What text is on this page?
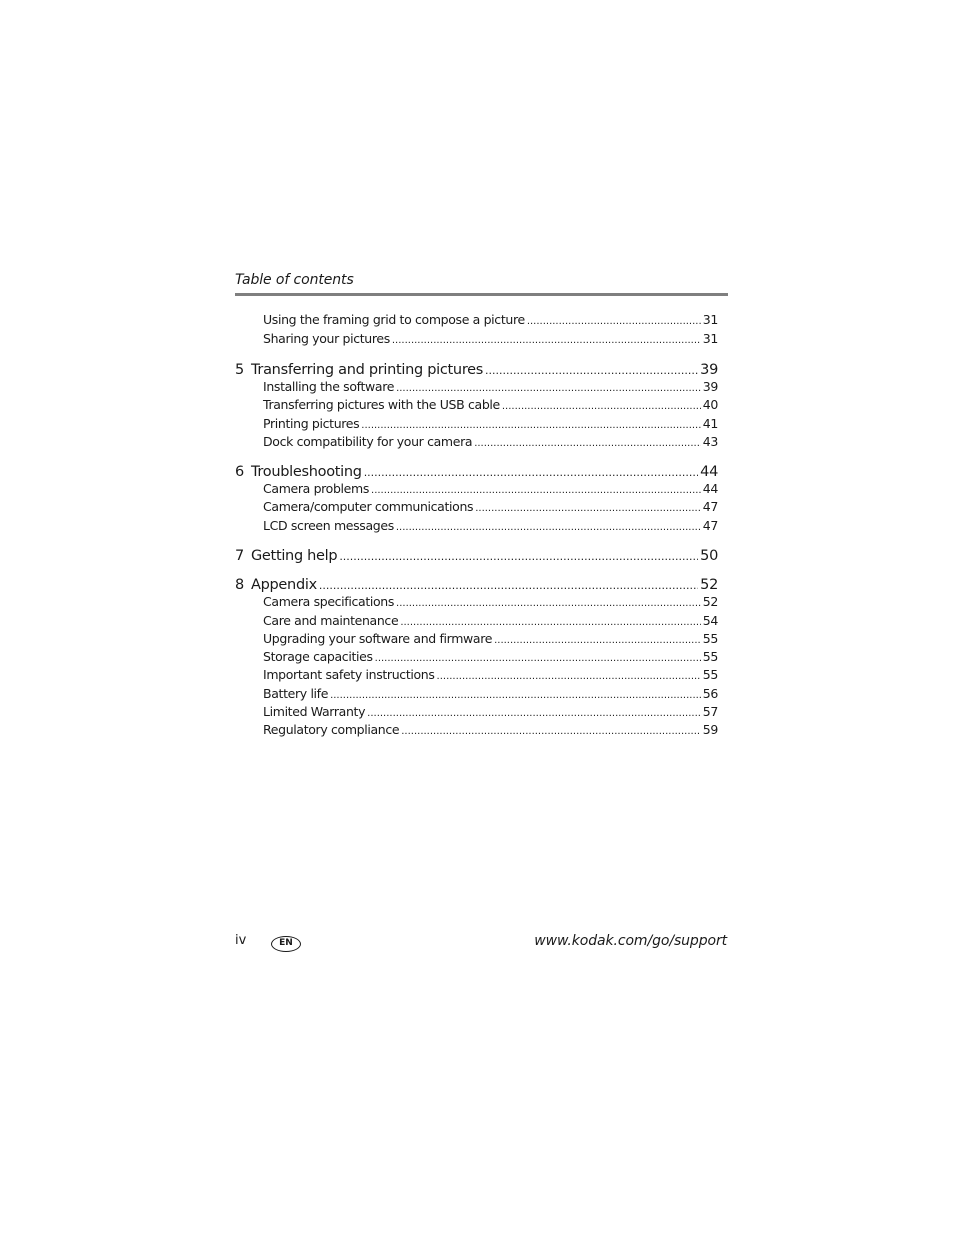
Table of contents
Using the framing grid to compose a picture .....	31
Sharing your pictures .....	31
5 Transferring and printing pictures .....	39
Installing the software .....	39
Transferring pictures with the USB cable .....	40
Printing pictures .....	41
Dock compatibility for your camera .....	43
6 Troubleshooting .....	44
Camera problems .....	44
Camera/computer communications .....	47
LCD screen messages .....	47
7 Getting help .....	50
8 Appendix .....	52
Camera specifications .....	52
Care and maintenance .....	54
Upgrading your software and firmware .....	55
Storage capacities .....	55
Important safety instructions .....	55
Battery life .....	56
Limited Warranty .....	57
Regulatory compliance .....	59
iv	EN	www.kodak.com/go/support
